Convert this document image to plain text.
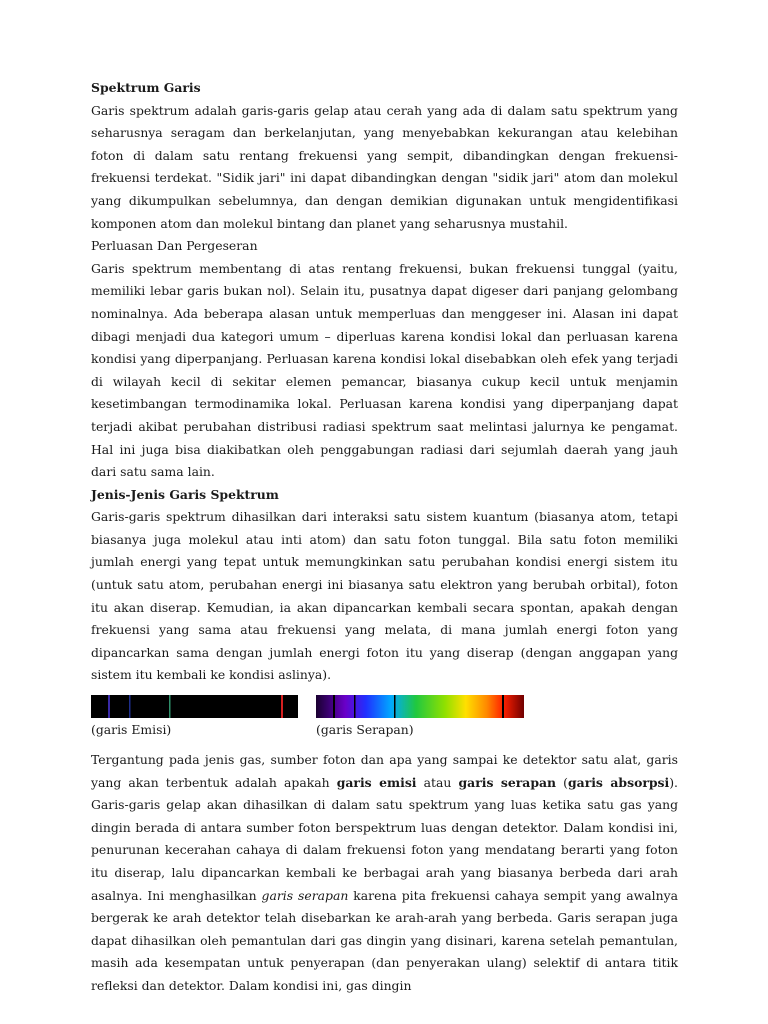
Spektrum Garis

Garis spektrum adalah garis-garis gelap atau cerah yang ada di dalam satu spektrum yang seharusnya seragam dan berkelanjutan, yang menyebabkan kekurangan atau kelebihan foton di dalam satu rentang frekuensi yang sempit, dibandingkan dengan frekuensi-frekuensi terdekat. "Sidik jari" ini dapat dibandingkan dengan "sidik jari" atom dan molekul yang dikumpulkan sebelumnya, dan dengan demikian digunakan untuk mengidentifikasi komponen atom dan molekul bintang dan planet yang seharusnya mustahil.

Perluasan Dan Pergeseran

Garis spektrum membentang di atas rentang frekuensi, bukan frekuensi tunggal (yaitu, memiliki lebar garis bukan nol). Selain itu, pusatnya dapat digeser dari panjang gelombang nominalnya. Ada beberapa alasan untuk memperluas dan menggeser ini. Alasan ini dapat dibagi menjadi dua kategori umum – diperluas karena kondisi lokal dan perluasan karena kondisi yang diperpanjang. Perluasan karena kondisi lokal disebabkan oleh efek yang terjadi di wilayah kecil di sekitar elemen pemancar, biasanya cukup kecil untuk menjamin kesetimbangan termodinamika lokal. Perluasan karena kondisi yang diperpanjang dapat terjadi akibat perubahan distribusi radiasi spektrum saat melintasi jalurnya ke pengamat. Hal ini juga bisa diakibatkan oleh penggabungan radiasi dari sejumlah daerah yang jauh dari satu sama lain.

Jenis-Jenis Garis Spektrum

Garis-garis spektrum dihasilkan dari interaksi satu sistem kuantum (biasanya atom, tetapi biasanya juga molekul atau inti atom) dan satu foton tunggal. Bila satu foton memiliki jumlah energi yang tepat untuk memungkinkan satu perubahan kondisi energi sistem itu (untuk satu atom, perubahan energi ini biasanya satu elektron yang berubah orbital), foton itu akan diserap. Kemudian, ia akan dipancarkan kembali secara spontan, apakah dengan frekuensi yang sama atau frekuensi yang melata, di mana jumlah energi foton yang dipancarkan sama dengan jumlah energi foton itu yang diserap (dengan anggapan yang sistem itu kembali ke kondisi aslinya).

(garis Emisi)	(garis Serapan)

Tergantung pada jenis gas, sumber foton dan apa yang sampai ke detektor satu alat, garis yang akan terbentuk adalah apakah garis emisi atau garis serapan (garis absorpsi). Garis-garis gelap akan dihasilkan di dalam satu spektrum yang luas ketika satu gas yang dingin berada di antara sumber foton berspektrum luas dengan detektor. Dalam kondisi ini, penurunan kecerahan cahaya di dalam frekuensi foton yang mendatang berarti yang foton itu diserap, lalu dipancarkan kembali ke berbagai arah yang biasanya berbeda dari arah asalnya. Ini menghasilkan garis serapan karena pita frekuensi cahaya sempit yang awalnya bergerak ke arah detektor telah disebarkan ke arah-arah yang berbeda. Garis serapan juga dapat dihasilkan oleh pemantulan dari gas dingin yang disinari, karena setelah pemantulan, masih ada kesempatan untuk penyerapan (dan penyerakan ulang) selektif di antara titik refleksi dan detektor. Dalam kondisi ini, gas dingin
